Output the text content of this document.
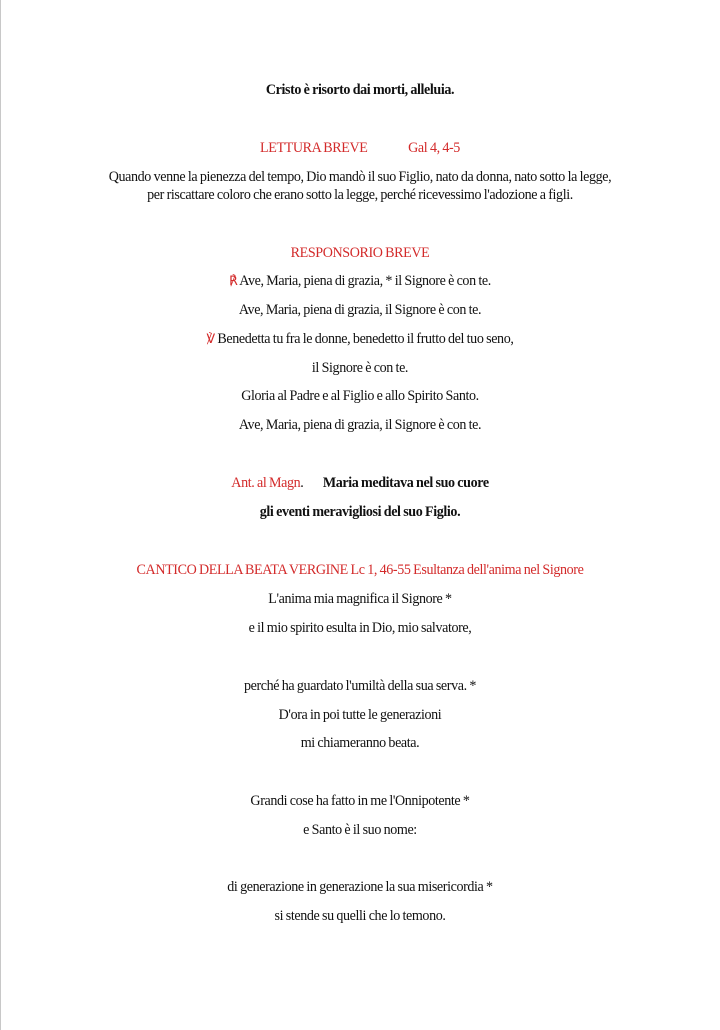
Cristo è risorto dai morti, alleluia.
LETTURA BREVE	Gal 4, 4-5
Quando venne la pienezza del tempo, Dio mandò il suo Figlio, nato da donna, nato sotto la legge,
per riscattare coloro che erano sotto la legge, perché ricevessimo l'adozione a figli.
RESPONSORIO BREVE
℟ Ave, Maria, piena di grazia, * il Signore è con te.
Ave, Maria, piena di grazia, il Signore è con te.
℣ Benedetta tu fra le donne, benedetto il frutto del tuo seno,
il Signore è con te.
Gloria al Padre e al Figlio e allo Spirito Santo.
Ave, Maria, piena di grazia, il Signore è con te.
Ant. al Magn. Maria meditava nel suo cuore
gli eventi meravigliosi del suo Figlio.
CANTICO DELLA BEATA VERGINE Lc 1, 46-55 Esultanza dell'anima nel Signore
L'anima mia magnifica il Signore *
e il mio spirito esulta in Dio, mio salvatore,
perché ha guardato l'umiltà della sua serva. *
D'ora in poi tutte le generazioni
mi chiameranno beata.
Grandi cose ha fatto in me l'Onnipotente *
e Santo è il suo nome:
di generazione in generazione la sua misericordia *
si stende su quelli che lo temono.
